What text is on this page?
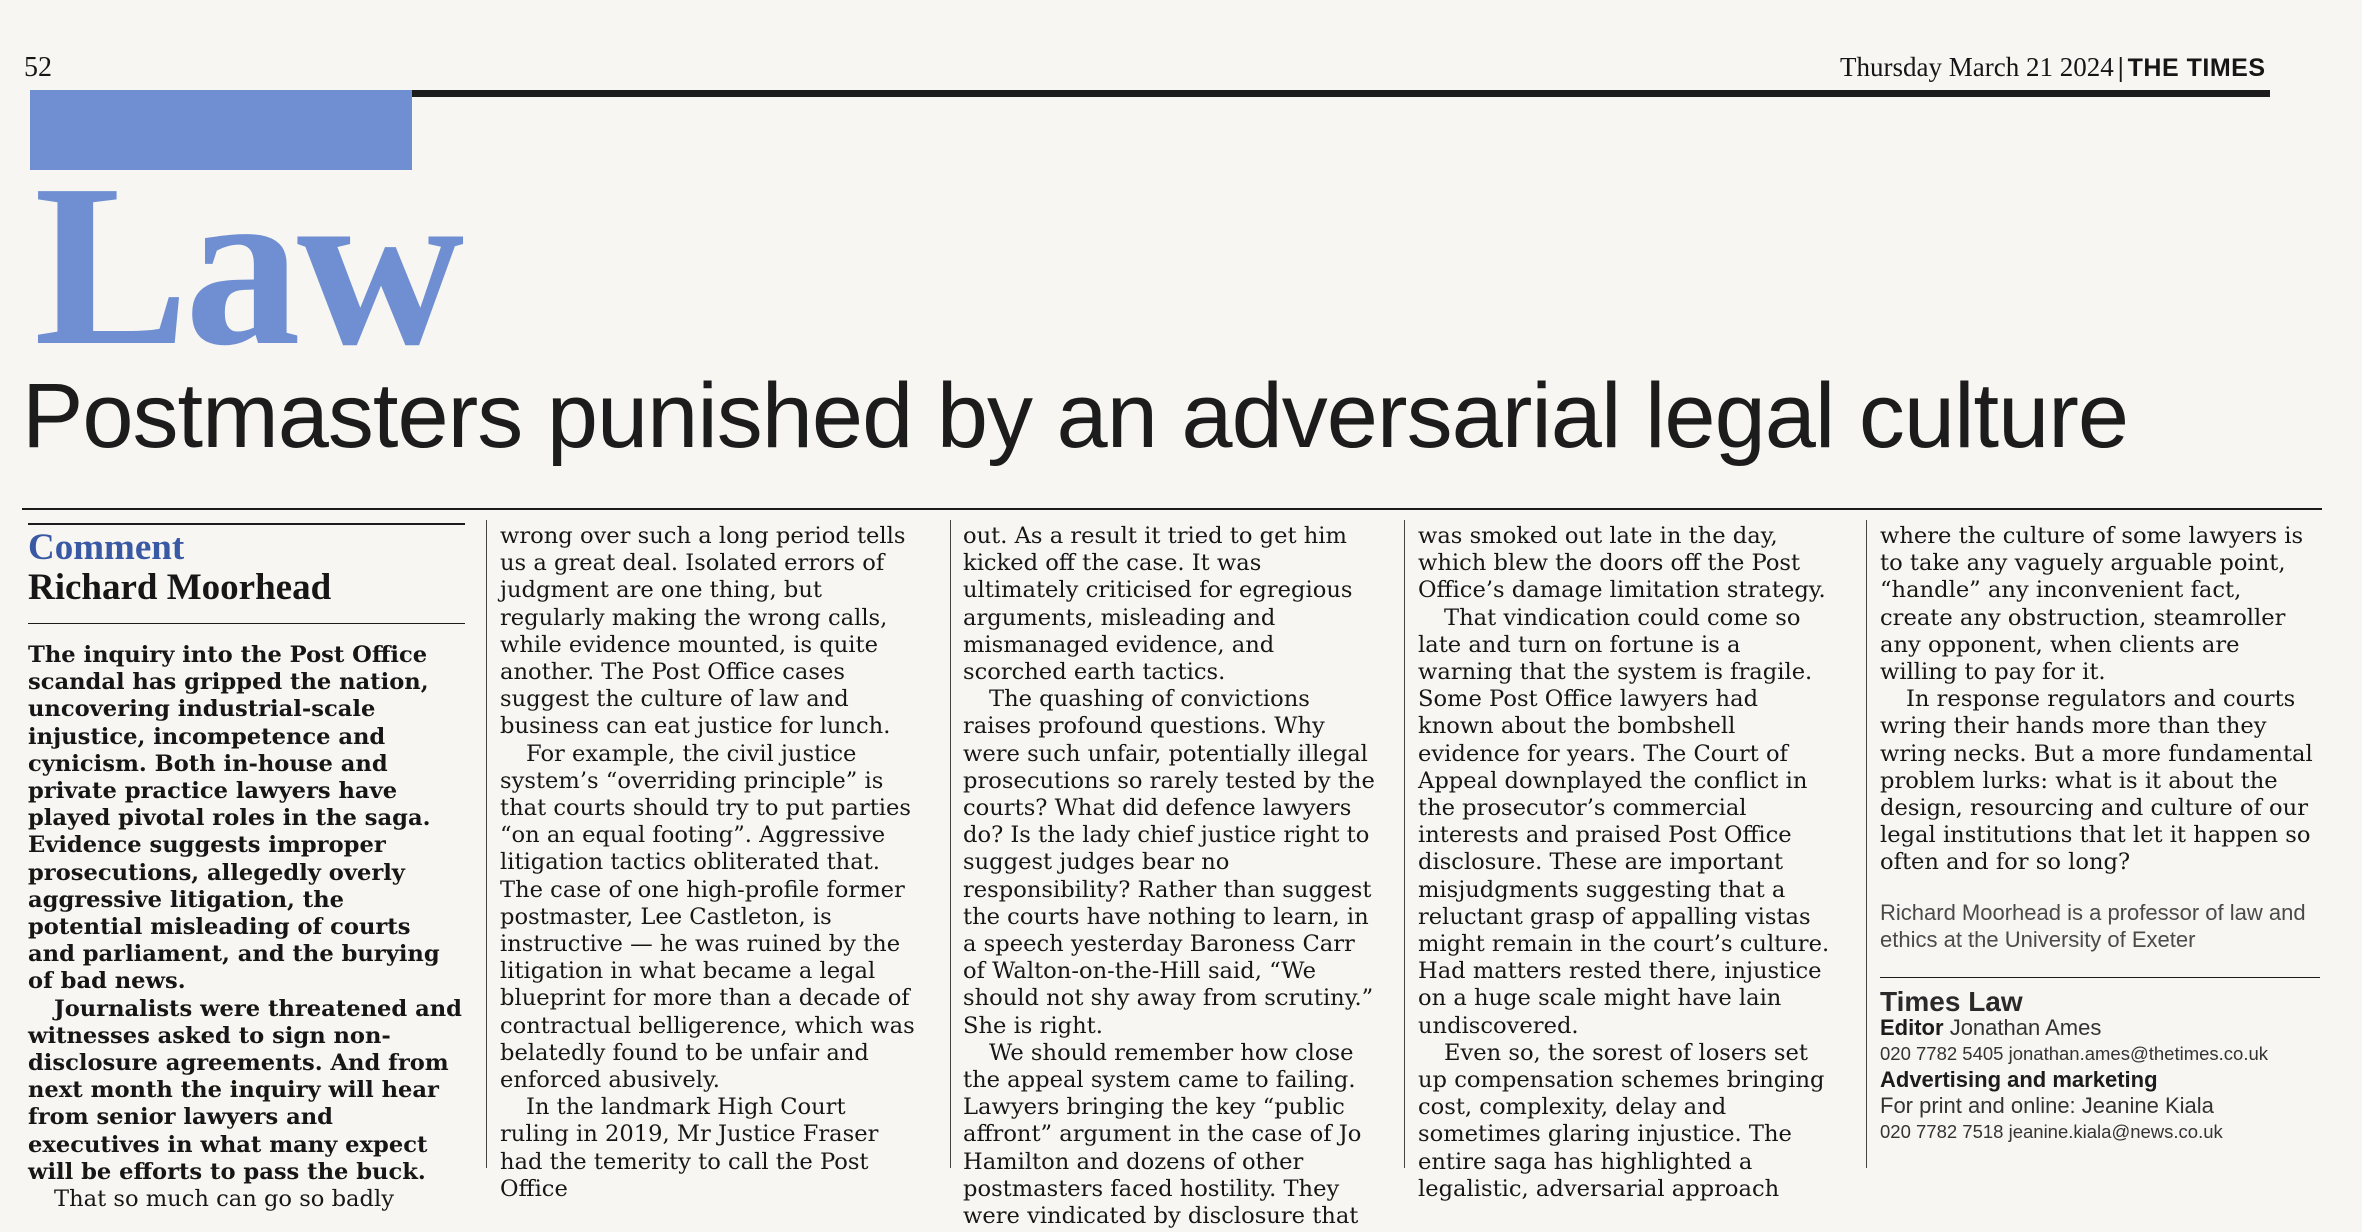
52	Thursday March 21 2024 | THE TIMES
Law
Postmasters punished by an adversarial legal culture
Comment
Richard Moorhead

The inquiry into the Post Office scandal has gripped the nation, uncovering industrial-scale injustice, incompetence and cynicism. Both in-house and private practice lawyers have played pivotal roles in the saga. Evidence suggests improper prosecutions, allegedly overly aggressive litigation, the potential misleading of courts and parliament, and the burying of bad news.

Journalists were threatened and witnesses asked to sign non-disclosure agreements. And from next month the inquiry will hear from senior lawyers and executives in what many expect will be efforts to pass the buck.

That so much can go so badly

wrong over such a long period tells us a great deal. Isolated errors of judgment are one thing, but regularly making the wrong calls, while evidence mounted, is quite another. The Post Office cases suggest the culture of law and business can eat justice for lunch.

For example, the civil justice system’s “overriding principle” is that courts should try to put parties “on an equal footing”. Aggressive litigation tactics obliterated that. The case of one high-profile former postmaster, Lee Castleton, is instructive — he was ruined by the litigation in what became a legal blueprint for more than a decade of contractual belligerence, which was belatedly found to be unfair and enforced abusively.

In the landmark High Court ruling in 2019, Mr Justice Fraser had the temerity to call the Post Office

out. As a result it tried to get him kicked off the case. It was ultimately criticised for egregious arguments, misleading and mismanaged evidence, and scorched earth tactics.

The quashing of convictions raises profound questions. Why were such unfair, potentially illegal prosecutions so rarely tested by the courts? What did defence lawyers do? Is the lady chief justice right to suggest judges bear no responsibility? Rather than suggest the courts have nothing to learn, in a speech yesterday Baroness Carr of Walton-on-the-Hill said, “We should not shy away from scrutiny.” She is right.

We should remember how close the appeal system came to failing. Lawyers bringing the key “public affront” argument in the case of Jo Hamilton and dozens of other postmasters faced hostility. They were vindicated by disclosure that

was smoked out late in the day, which blew the doors off the Post Office’s damage limitation strategy.

That vindication could come so late and turn on fortune is a warning that the system is fragile. Some Post Office lawyers had known about the bombshell evidence for years. The Court of Appeal downplayed the conflict in the prosecutor’s commercial interests and praised Post Office disclosure. These are important misjudgments suggesting that a reluctant grasp of appalling vistas might remain in the court’s culture. Had matters rested there, injustice on a huge scale might have lain undiscovered.

Even so, the sorest of losers set up compensation schemes bringing cost, complexity, delay and sometimes glaring injustice. The entire saga has highlighted a legalistic, adversarial approach

where the culture of some lawyers is to take any vaguely arguable point, “handle” any inconvenient fact, create any obstruction, steamroller any opponent, when clients are willing to pay for it.

In response regulators and courts wring their hands more than they wring necks. But a more fundamental problem lurks: what is it about the design, resourcing and culture of our legal institutions that let it happen so often and for so long?

Richard Moorhead is a professor of law and ethics at the University of Exeter
Times Law
Editor Jonathan Ames
020 7782 5405 jonathan.ames@thetimes.co.uk
Advertising and marketing
For print and online: Jeanine Kiala
020 7782 7518 jeanine.kiala@news.co.uk
